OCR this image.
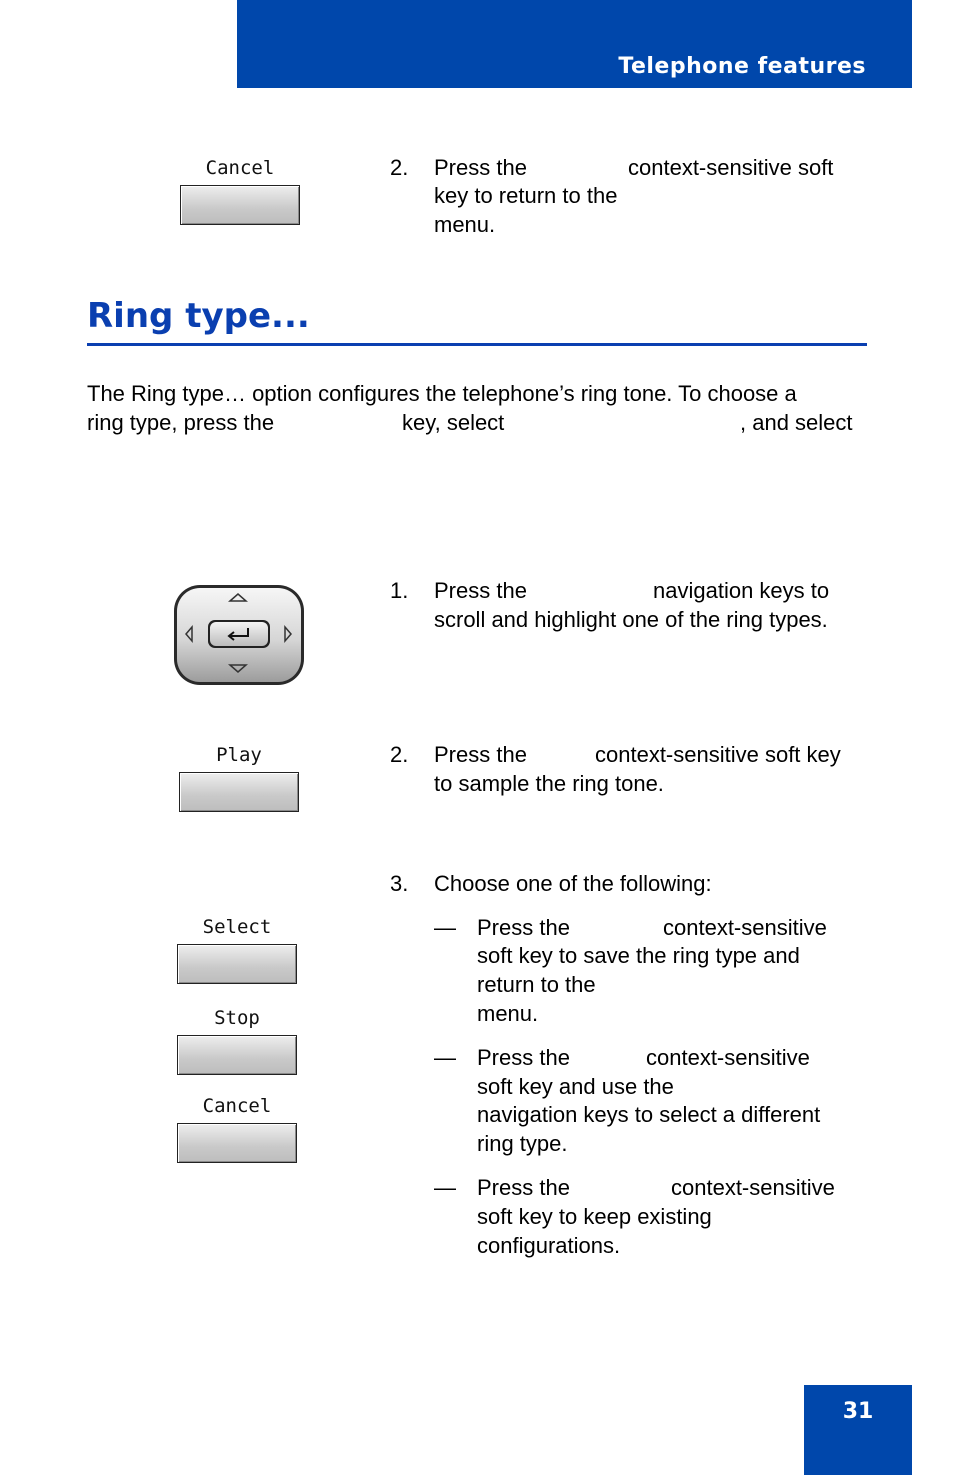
Telephone features
Cancel	2.	Press the	context-sensitive soft
key to return to the
menu.
Ring type...
The Ring type… option configures the telephone’s ring tone. To choose a
ring type, press the	key, select	, and select
1.	Press the	navigation keys to
scroll and highlight one of the ring types.
Play	2.	Press the	context-sensitive soft key
to sample the ring tone.
3.	Choose one of the following:
Select
Stop
Cancel
— Press the	context-sensitive
soft key to save the ring type and
return to the
menu.
— Press the	context-sensitive
soft key and use the
navigation keys to select a different
ring type.
— Press the	context-sensitive
soft key to keep existing
configurations.
31
